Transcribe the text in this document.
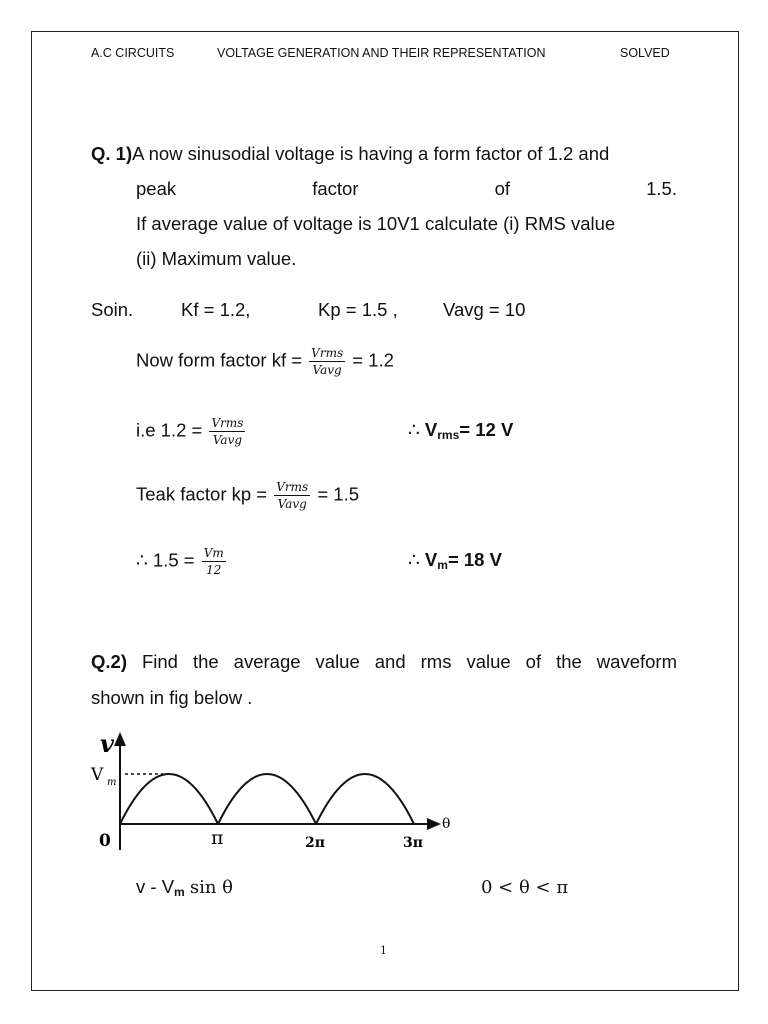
A.C CIRCUITS	VOLTAGE GENERATION AND THEIR REPRESENTATION	SOLVED
Q. 1)A now sinusodial voltage is having a form factor of 1.2 and
peak	factor	of	1.5.
If average value of voltage is 10V1 calculate (i) RMS value
(ii) Maximum value.
Soin.	Kf = 1.2,	Kp = 1.5 , Vavg = 10
Now form factor kf = $\frac{\text{Vrms}}{\text{Vavg}} = 1.2$
i.e $1.2 = \frac{\text{Vrms}}{\text{Vavg}}$	∴ $V_{rms}= 12$ V
Teak factor kp = $\frac{\text{Vrms}}{\text{Vavg}} = 1.5$
∴ $1.5 = \frac{Vm}{12}$	∴ $V_m= 18$ V
Q.2) Find the average value and rms value of the waveform
shown in fig below .
v
V m
0	π	2π	3π
θ
v - $V_m$ sin θ	0 < θ < π
1
